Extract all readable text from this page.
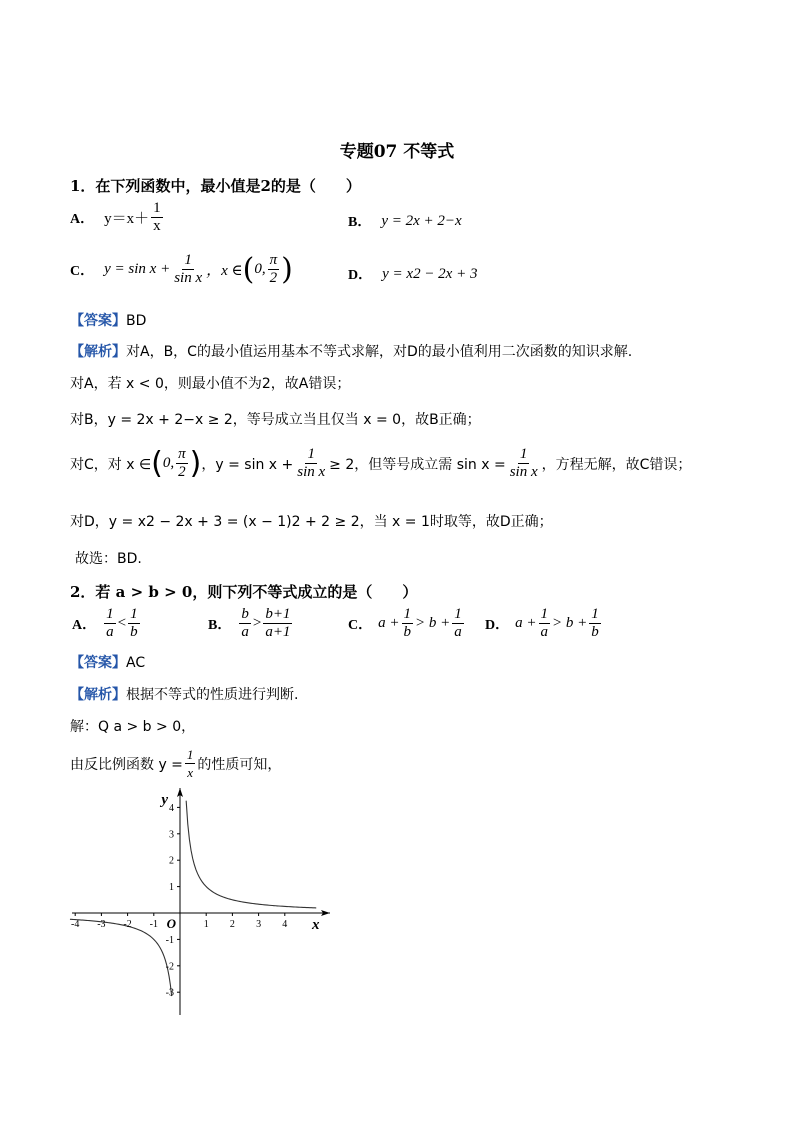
专题07 不等式
1．在下列函数中，最小值是2的是（　　）
A． $y=x+ \frac{1}{x}$	B． y = 2x + 2−x
C． $y = \sin x + \frac{1}{\text{sin x}}$ ，x ∈ ( 0, $\frac{\pi}{2}$ )	D． y = x2 − 2x + 3
【答案】BD
【解析】对A，B，C的最小值运用基本不等式求解，对D的最小值利用二次函数的知识求解.
对A，若 x < 0，则最小值不为2，故A错误；
对B，y = 2x + 2−x ≥ 2，等号成立当且仅当 x = 0，故B正确；
对C，对 x ∈ ( 0, $\frac{\pi}{2}$ ) ，$y = \sin x + \frac{1}{\text{sin x}} \ge 2$，但等号成立需 $\sin x = \frac{1}{\text{sin x}}$ ，方程无解，故C错误；
对D，y = x2 − 2x + 3 = (x − 1)2 + 2 ≥ 2，当 x = 1时取等，故D正确；
故选：BD.
2．若 a > b > 0，则下列不等式成立的是（　　）
A． $\frac{1}{a} < \frac{1}{b}$	B． $\frac{b}{a} > \frac{b+1}{a+1}$	C． $a + \frac{1}{b} > b + \frac{1}{a}$ D． $a + \frac{1}{a} > b + \frac{1}{b}$
【答案】AC
【解析】根据不等式的性质进行判断.
解：Q a > b > 0，
由反比例函数 $y = \frac{1}{x}$ 的性质可知，
-4 -3 -2 -1	1 2 3 4
4
3
2
1
-1
-2
-3
x
y
O
